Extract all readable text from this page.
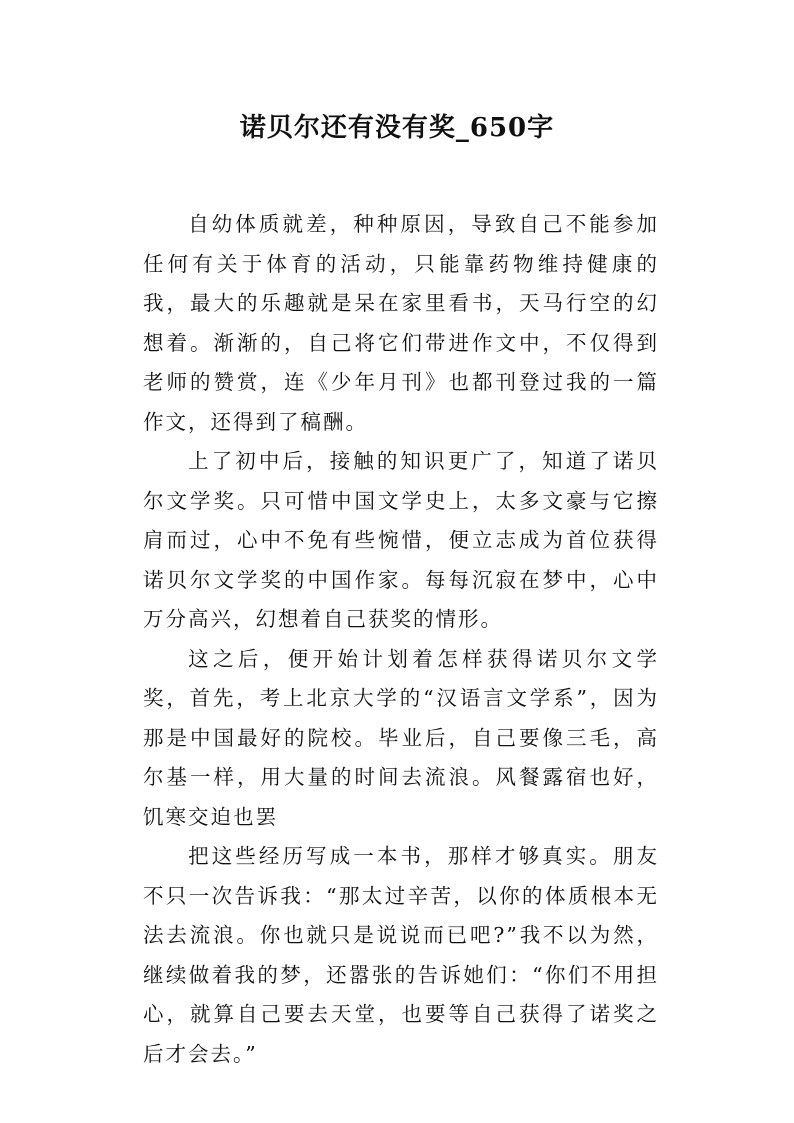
诺贝尔还有没有奖_650字

自幼体质就差，种种原因，导致自己不能参加任何有关于体育的活动，只能靠药物维持健康的我，最大的乐趣就是呆在家里看书，天马行空的幻想着。渐渐的，自己将它们带进作文中，不仅得到老师的赞赏，连《少年月刊》也都刊登过我的一篇作文，还得到了稿酬。

上了初中后，接触的知识更广了，知道了诺贝尔文学奖。只可惜中国文学史上，太多文豪与它擦肩而过，心中不免有些惋惜，便立志成为首位获得诺贝尔文学奖的中国作家。每每沉寂在梦中，心中万分高兴，幻想着自己获奖的情形。

这之后，便开始计划着怎样获得诺贝尔文学奖，首先，考上北京大学的“汉语言文学系”，因为那是中国最好的院校。毕业后，自己要像三毛，高尔基一样，用大量的时间去流浪。风餐露宿也好，饥寒交迫也罢

把这些经历写成一本书，那样才够真实。朋友不只一次告诉我：“那太过辛苦，以你的体质根本无法去流浪。你也就只是说说而已吧?”我不以为然，继续做着我的梦，还嚣张的告诉她们：“你们不用担心，就算自己要去天堂，也要等自己获得了诺奖之后才会去。”
